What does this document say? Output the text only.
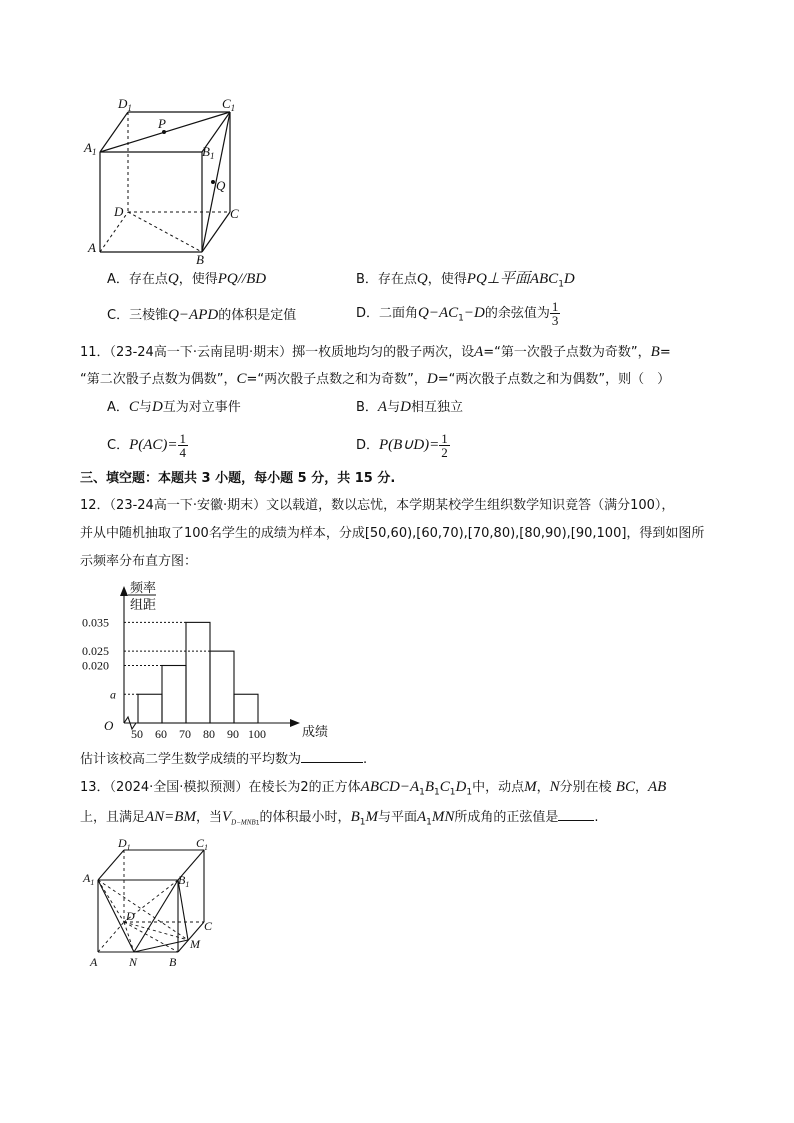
$D_1$	$C_1$
$A_1$	$B_1$
P
Q
D	C
A
B
A．存在点Q，使得PQ//BD	B．存在点Q，使得PQ⊥平面$ABC_1D$
C．三棱锥Q−APD的体积是定值	D．二面角$Q-AC_1-D$的余弦值为 $\frac{1}{3}$
11．（23-24高一下·云南昆明·期末）掷一枚质地均匀的骰子两次，设A=“第一次骰子点数为奇数”，B=
“第二次骰子点数为偶数”，C=“两次骰子点数之和为奇数”，D=“两次骰子点数之和为偶数”，则（　）
A．C与D互为对立事件	B．A与D相互独立
C．$P(AC)= \frac{1}{4}$	D．P(B∪D)= $\frac{1}{2}$
三、填空题：本题共 3 小题，每小题 5 分，共 15 分.
12．（23-24高一下·安徽·期末）文以载道，数以忘忧，本学期某校学生组织数学知识竟答（满分100），
并从中随机抽取了100名学生的成绩为样本，分成[50,60),[60,70),[70,80),[80,90),[90,100]，得到如图所
示频率分布直方图：
频率
组距
O	成绩
0.035
0.025
0.020
a
50 60 70 80 90 100
估计该校高二学生数学成绩的平均数为	.
13．（2024·全国·模拟预测）在棱长为2的正方体$ABCD-A_1B_1C_1D_1$中，动点M，N分别在棱 BC，AB
上，且满足AN=BM，当$V_{D-MNB1}$的体积最小时，$B_1M$与平面$A_1MN$所成角的正弦值是	.
$D_1$	$C_1$
$A_1$	$B_1$
D
C
M
A	N	B
